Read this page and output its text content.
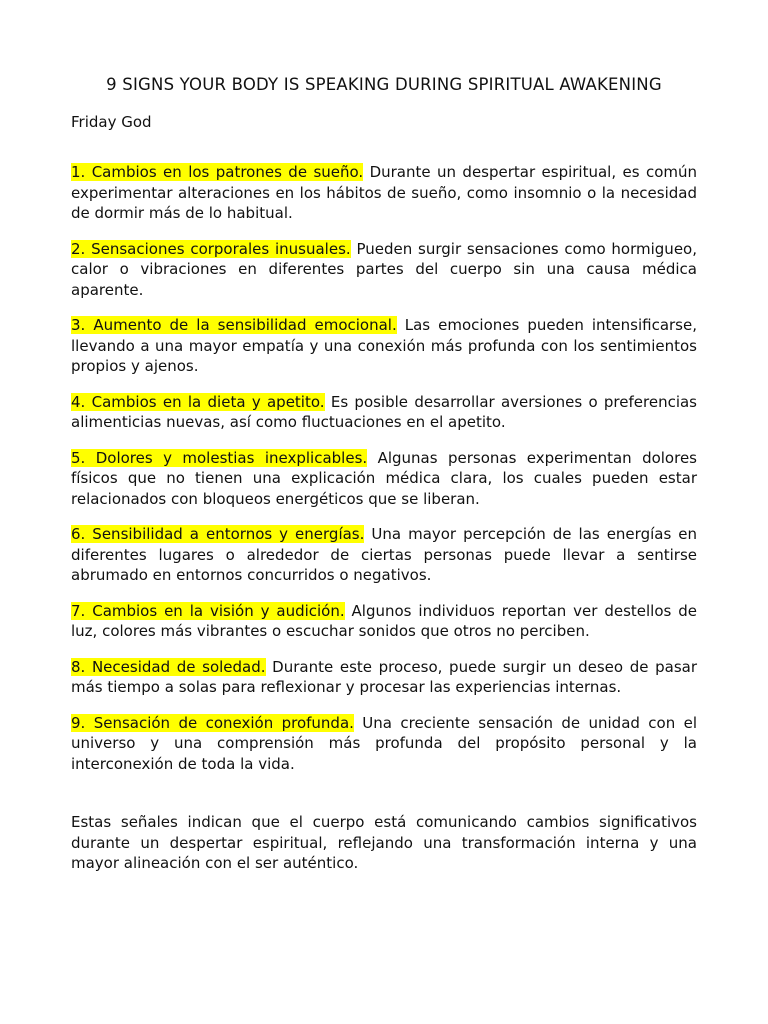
9 SIGNS YOUR BODY IS SPEAKING DURING SPIRITUAL AWAKENING
Friday God

1. Cambios en los patrones de sueño. Durante un despertar espiritual, es común experimentar alteraciones en los hábitos de sueño, como insomnio o la necesidad de dormir más de lo habitual.

2. Sensaciones corporales inusuales. Pueden surgir sensaciones como hormigueo, calor o vibraciones en diferentes partes del cuerpo sin una causa médica aparente.

3. Aumento de la sensibilidad emocional. Las emociones pueden intensificarse, llevando a una mayor empatía y una conexión más profunda con los sentimientos propios y ajenos.

4. Cambios en la dieta y apetito. Es posible desarrollar aversiones o preferencias alimenticias nuevas, así como fluctuaciones en el apetito.

5. Dolores y molestias inexplicables. Algunas personas experimentan dolores físicos que no tienen una explicación médica clara, los cuales pueden estar relacionados con bloqueos energéticos que se liberan.

6. Sensibilidad a entornos y energías. Una mayor percepción de las energías en diferentes lugares o alrededor de ciertas personas puede llevar a sentirse abrumado en entornos concurridos o negativos.

7. Cambios en la visión y audición. Algunos individuos reportan ver destellos de luz, colores más vibrantes o escuchar sonidos que otros no perciben.

8. Necesidad de soledad. Durante este proceso, puede surgir un deseo de pasar más tiempo a solas para reflexionar y procesar las experiencias internas.

9. Sensación de conexión profunda. Una creciente sensación de unidad con el universo y una comprensión más profunda del propósito personal y la interconexión de toda la vida.

Estas señales indican que el cuerpo está comunicando cambios significativos durante un despertar espiritual, reflejando una transformación interna y una mayor alineación con el ser auténtico.
